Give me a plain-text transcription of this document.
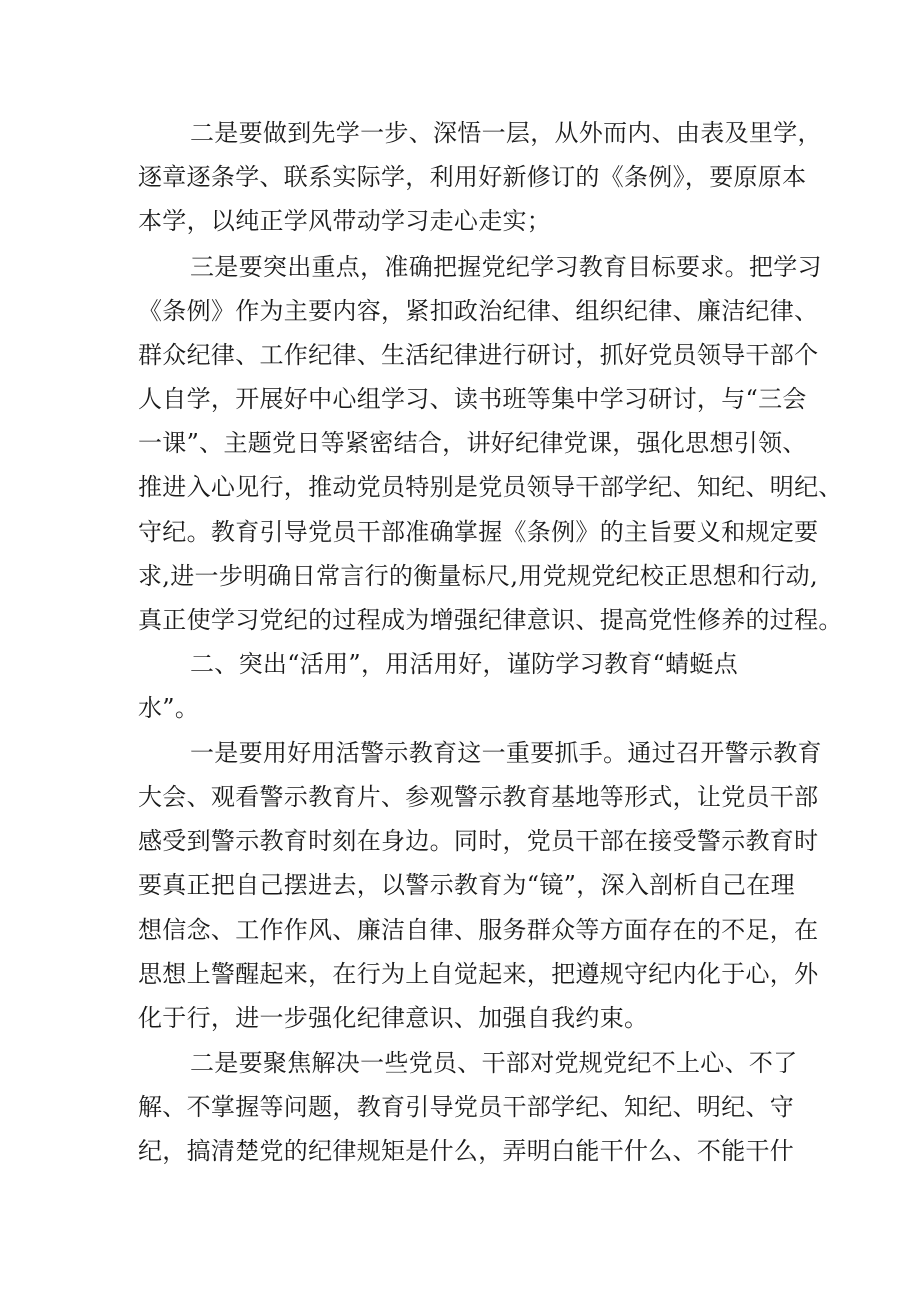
二是要做到先学一步、深悟一层，从外而内、由表及里学，
逐章逐条学、联系实际学，利用好新修订的《条例》，要原原本
本学，以纯正学风带动学习走心走实；
三是要突出重点，准确把握党纪学习教育目标要求。把学习
《条例》作为主要内容，紧扣政治纪律、组织纪律、廉洁纪律、
群众纪律、工作纪律、生活纪律进行研讨，抓好党员领导干部个
人自学，开展好中心组学习、读书班等集中学习研讨，与“三会
一课”、主题党日等紧密结合，讲好纪律党课，强化思想引领、
推进入心见行，推动党员特别是党员领导干部学纪、知纪、明纪、
守纪。教育引导党员干部准确掌握《条例》的主旨要义和规定要
求,进一步明确日常言行的衡量标尺,用党规党纪校正思想和行动,
真正使学习党纪的过程成为增强纪律意识、提高党性修养的过程。
二、突出“活用”，用活用好，谨防学习教育“蜻蜓点
水”。
一是要用好用活警示教育这一重要抓手。通过召开警示教育
大会、观看警示教育片、参观警示教育基地等形式，让党员干部
感受到警示教育时刻在身边。同时，党员干部在接受警示教育时
要真正把自己摆进去，以警示教育为“镜”，深入剖析自己在理
想信念、工作作风、廉洁自律、服务群众等方面存在的不足，在
思想上警醒起来，在行为上自觉起来，把遵规守纪内化于心，外
化于行，进一步强化纪律意识、加强自我约束。
二是要聚焦解决一些党员、干部对党规党纪不上心、不了
解、不掌握等问题，教育引导党员干部学纪、知纪、明纪、守
纪，搞清楚党的纪律规矩是什么，弄明白能干什么、不能干什
